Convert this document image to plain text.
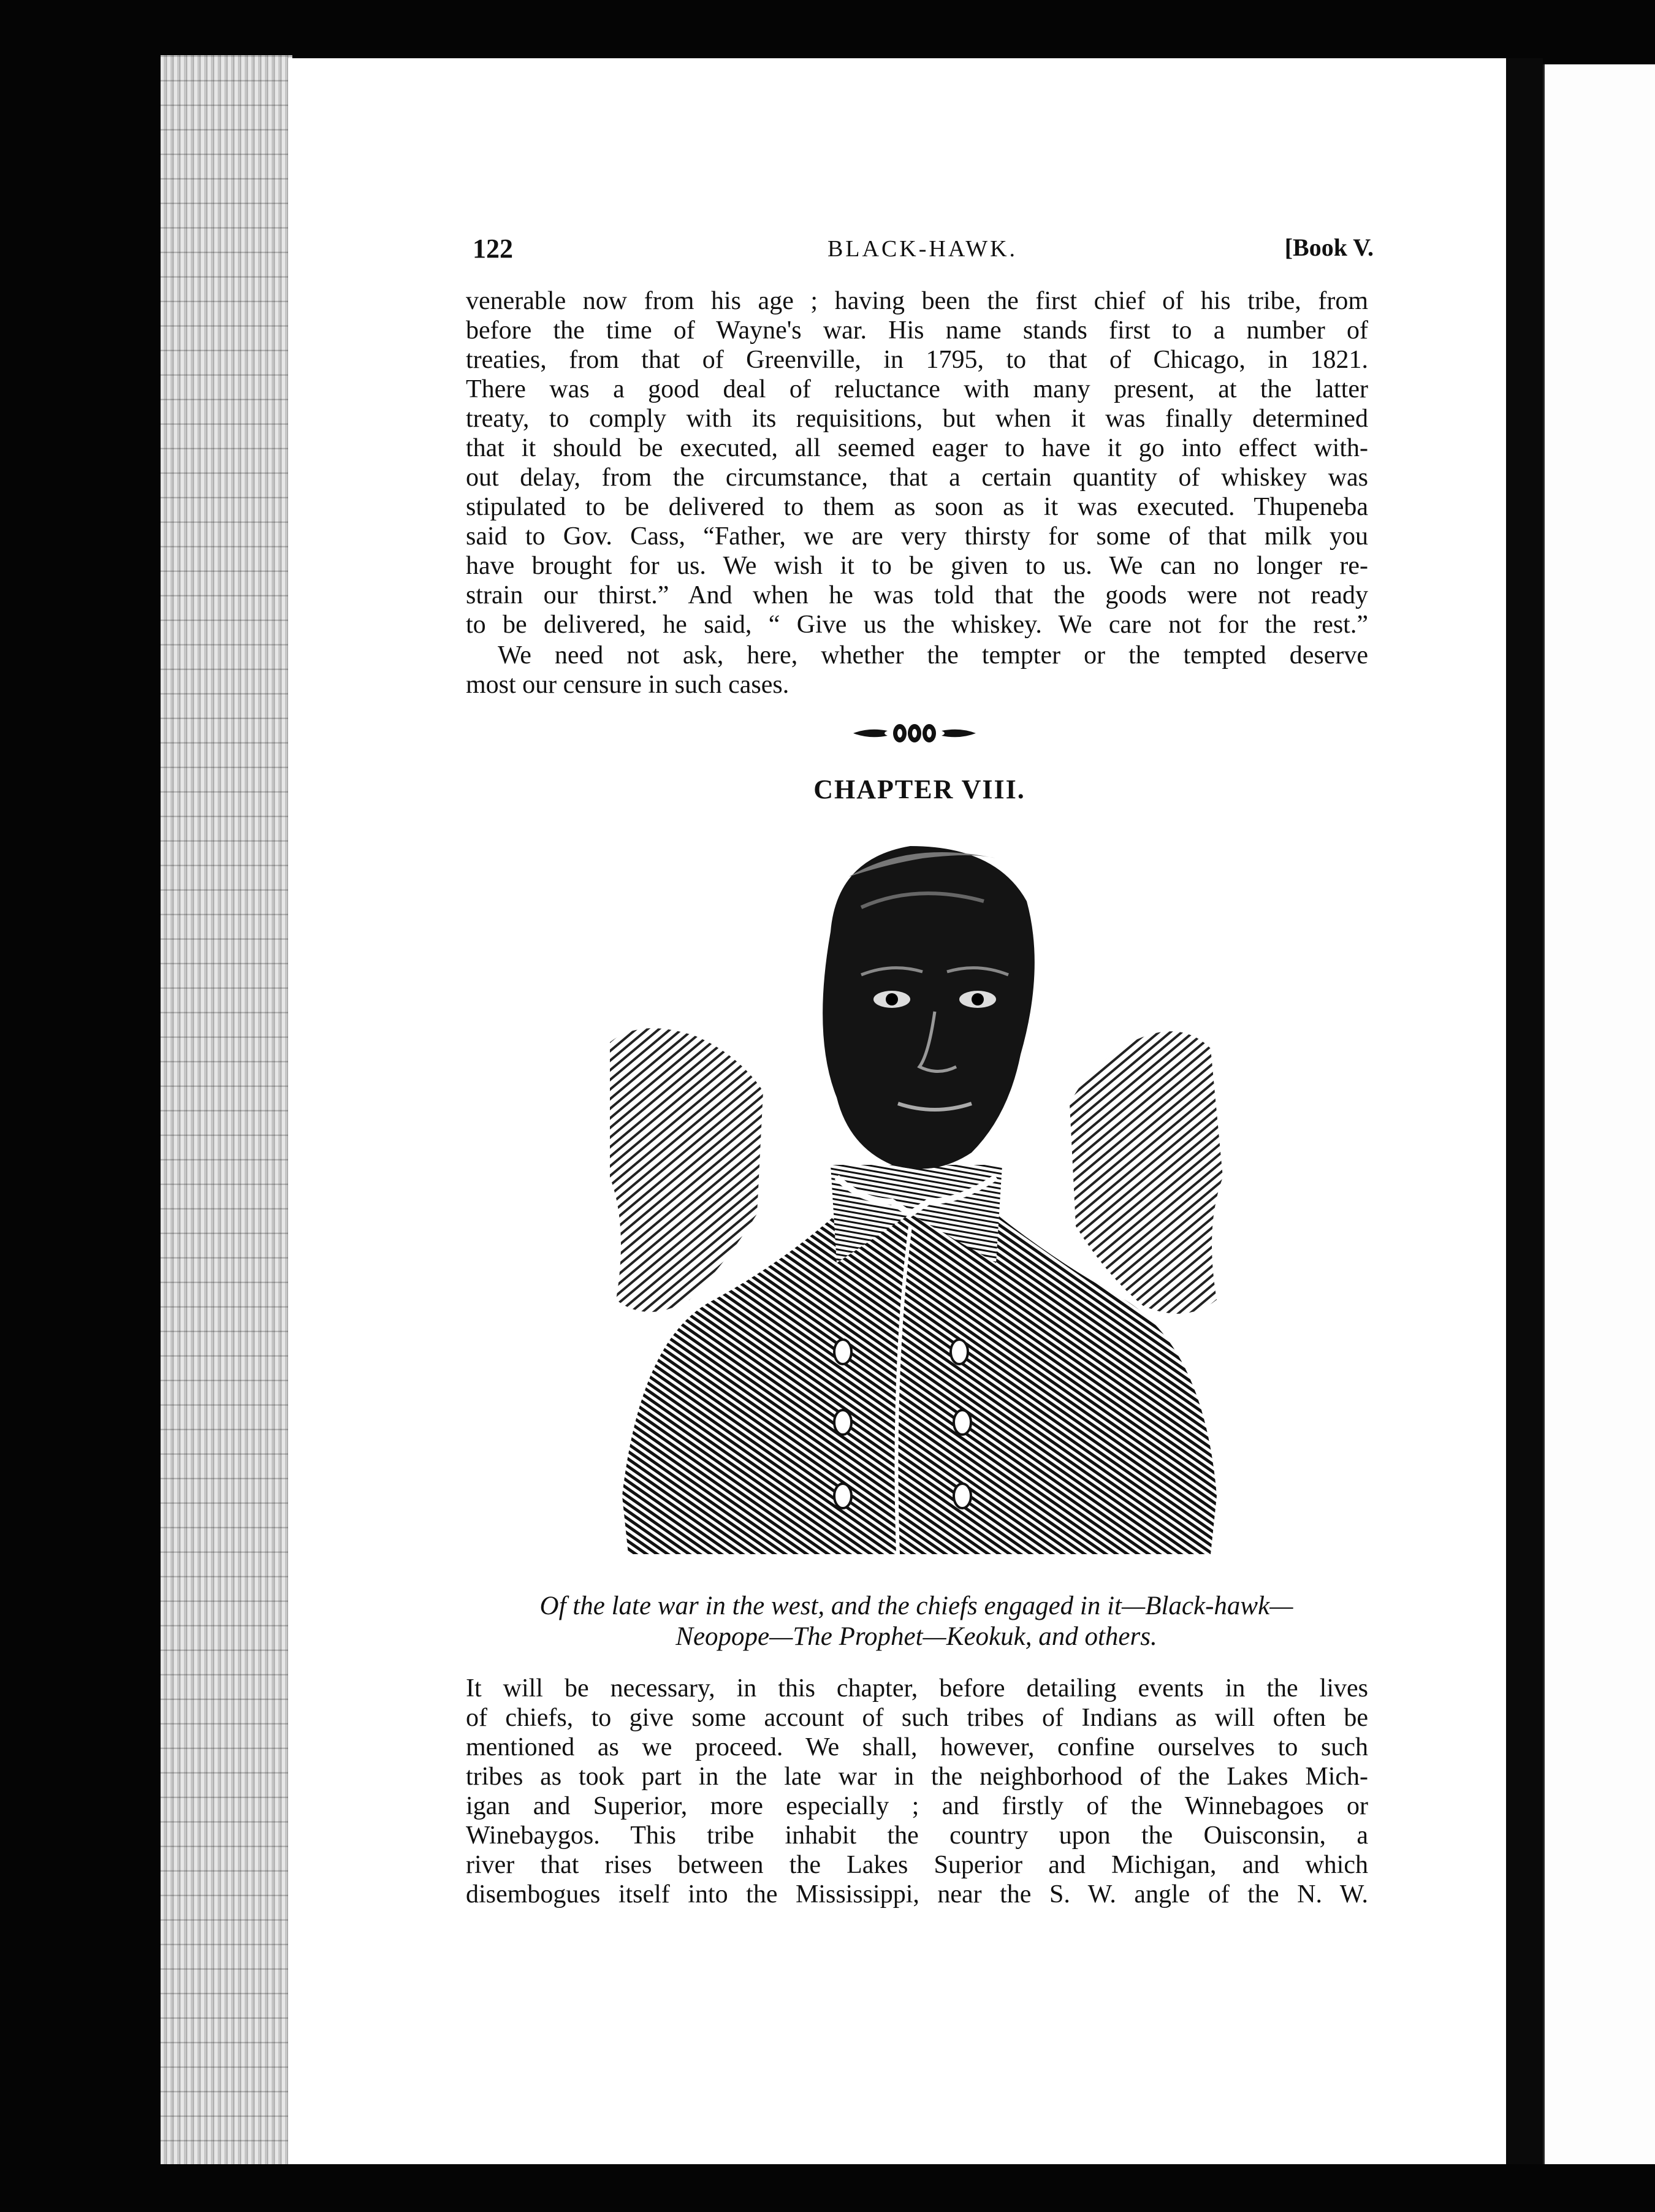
122	BLACK-HAWK.	[Book V.
venerable now from his age ; having been the first chief of his tribe, from
before the time of Wayne's war. His name stands first to a number of
treaties, from that of Greenville, in 1795, to that of Chicago, in 1821.
There was a good deal of reluctance with many present, at the latter
treaty, to comply with its requisitions, but when it was finally determined
that it should be executed, all seemed eager to have it go into effect with-
out delay, from the circumstance, that a certain quantity of whiskey was
stipulated to be delivered to them as soon as it was executed. Thupeneba
said to Gov. Cass, “Father, we are very thirsty for some of that milk you
have brought for us. We wish it to be given to us. We can no longer re-
strain our thirst.” And when he was told that the goods were not ready
to be delivered, he said, “ Give us the whiskey. We care not for the rest.”
We need not ask, here, whether the tempter or the tempted deserve
most our censure in such cases.
CHAPTER VIII.
Of the late war in the west, and the chiefs engaged in it—Black-hawk—
Neopope—The Prophet—Keokuk, and others.
It will be necessary, in this chapter, before detailing events in the lives
of chiefs, to give some account of such tribes of Indians as will often be
mentioned as we proceed. We shall, however, confine ourselves to such
tribes as took part in the late war in the neighborhood of the Lakes Mich-
igan and Superior, more especially ; and firstly of the Winnebagoes or
Winebaygos. This tribe inhabit the country upon the Ouisconsin, a
river that rises between the Lakes Superior and Michigan, and which
disembogues itself into the Mississippi, near the S. W. angle of the N. W.
